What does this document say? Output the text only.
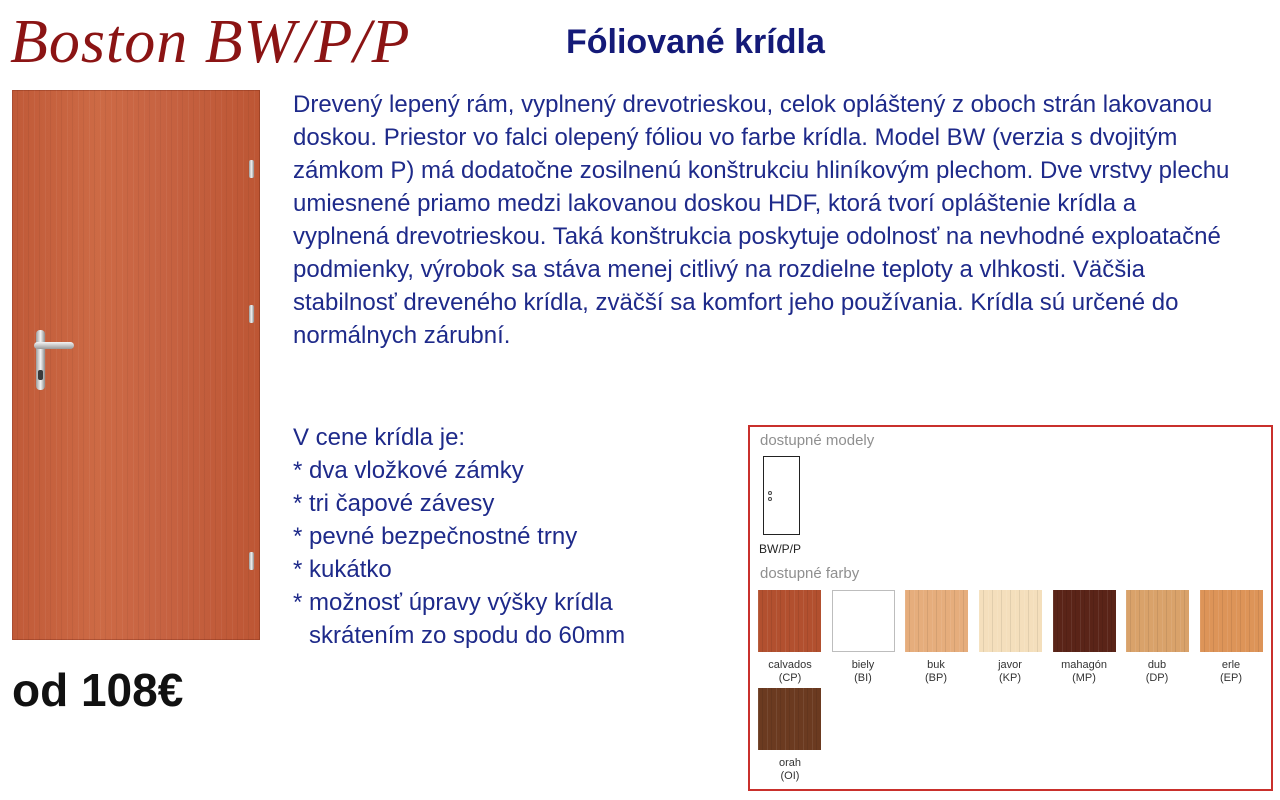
Boston BW/P/P	Fóliované krídla
od 108€

Drevený lepený rám, vyplnený drevotrieskou, celok opláštený z oboch strán lakovanou doskou. Priestor vo falci olepený fóliou vo farbe krídla. Model BW (verzia s dvojitým zámkom P) má dodatočne zosilnenú konštrukciu hliníkovým plechom. Dve vrstvy plechu umiesnené priamo medzi lakovanou doskou HDF, ktorá tvorí opláštenie krídla a vyplnená drevotrieskou. Taká konštrukcia poskytuje odolnosť na nevhodné exploatačné podmienky, výrobok sa stáva menej citlivý na rozdielne teploty a vlhkosti. Väčšia stabilnosť dreveného krídla, zväčší sa komfort jeho používania. Krídla sú určené do normálnych zárubní.

V cene krídla je:
* dva vložkové zámky
* tri čapové závesy
* pevné bezpečnostné trny
* kukátko
* možnosť úpravy výšky krídla
skrátením zo spodu do 60mm
dostupné modely
BW/P/P
dostupné farby
calvados
(CP)
biely
(BI)
buk
(BP)
javor
(KP)
mahagón
(MP)
dub
(DP)
erle
(EP)
orah
(OI)
